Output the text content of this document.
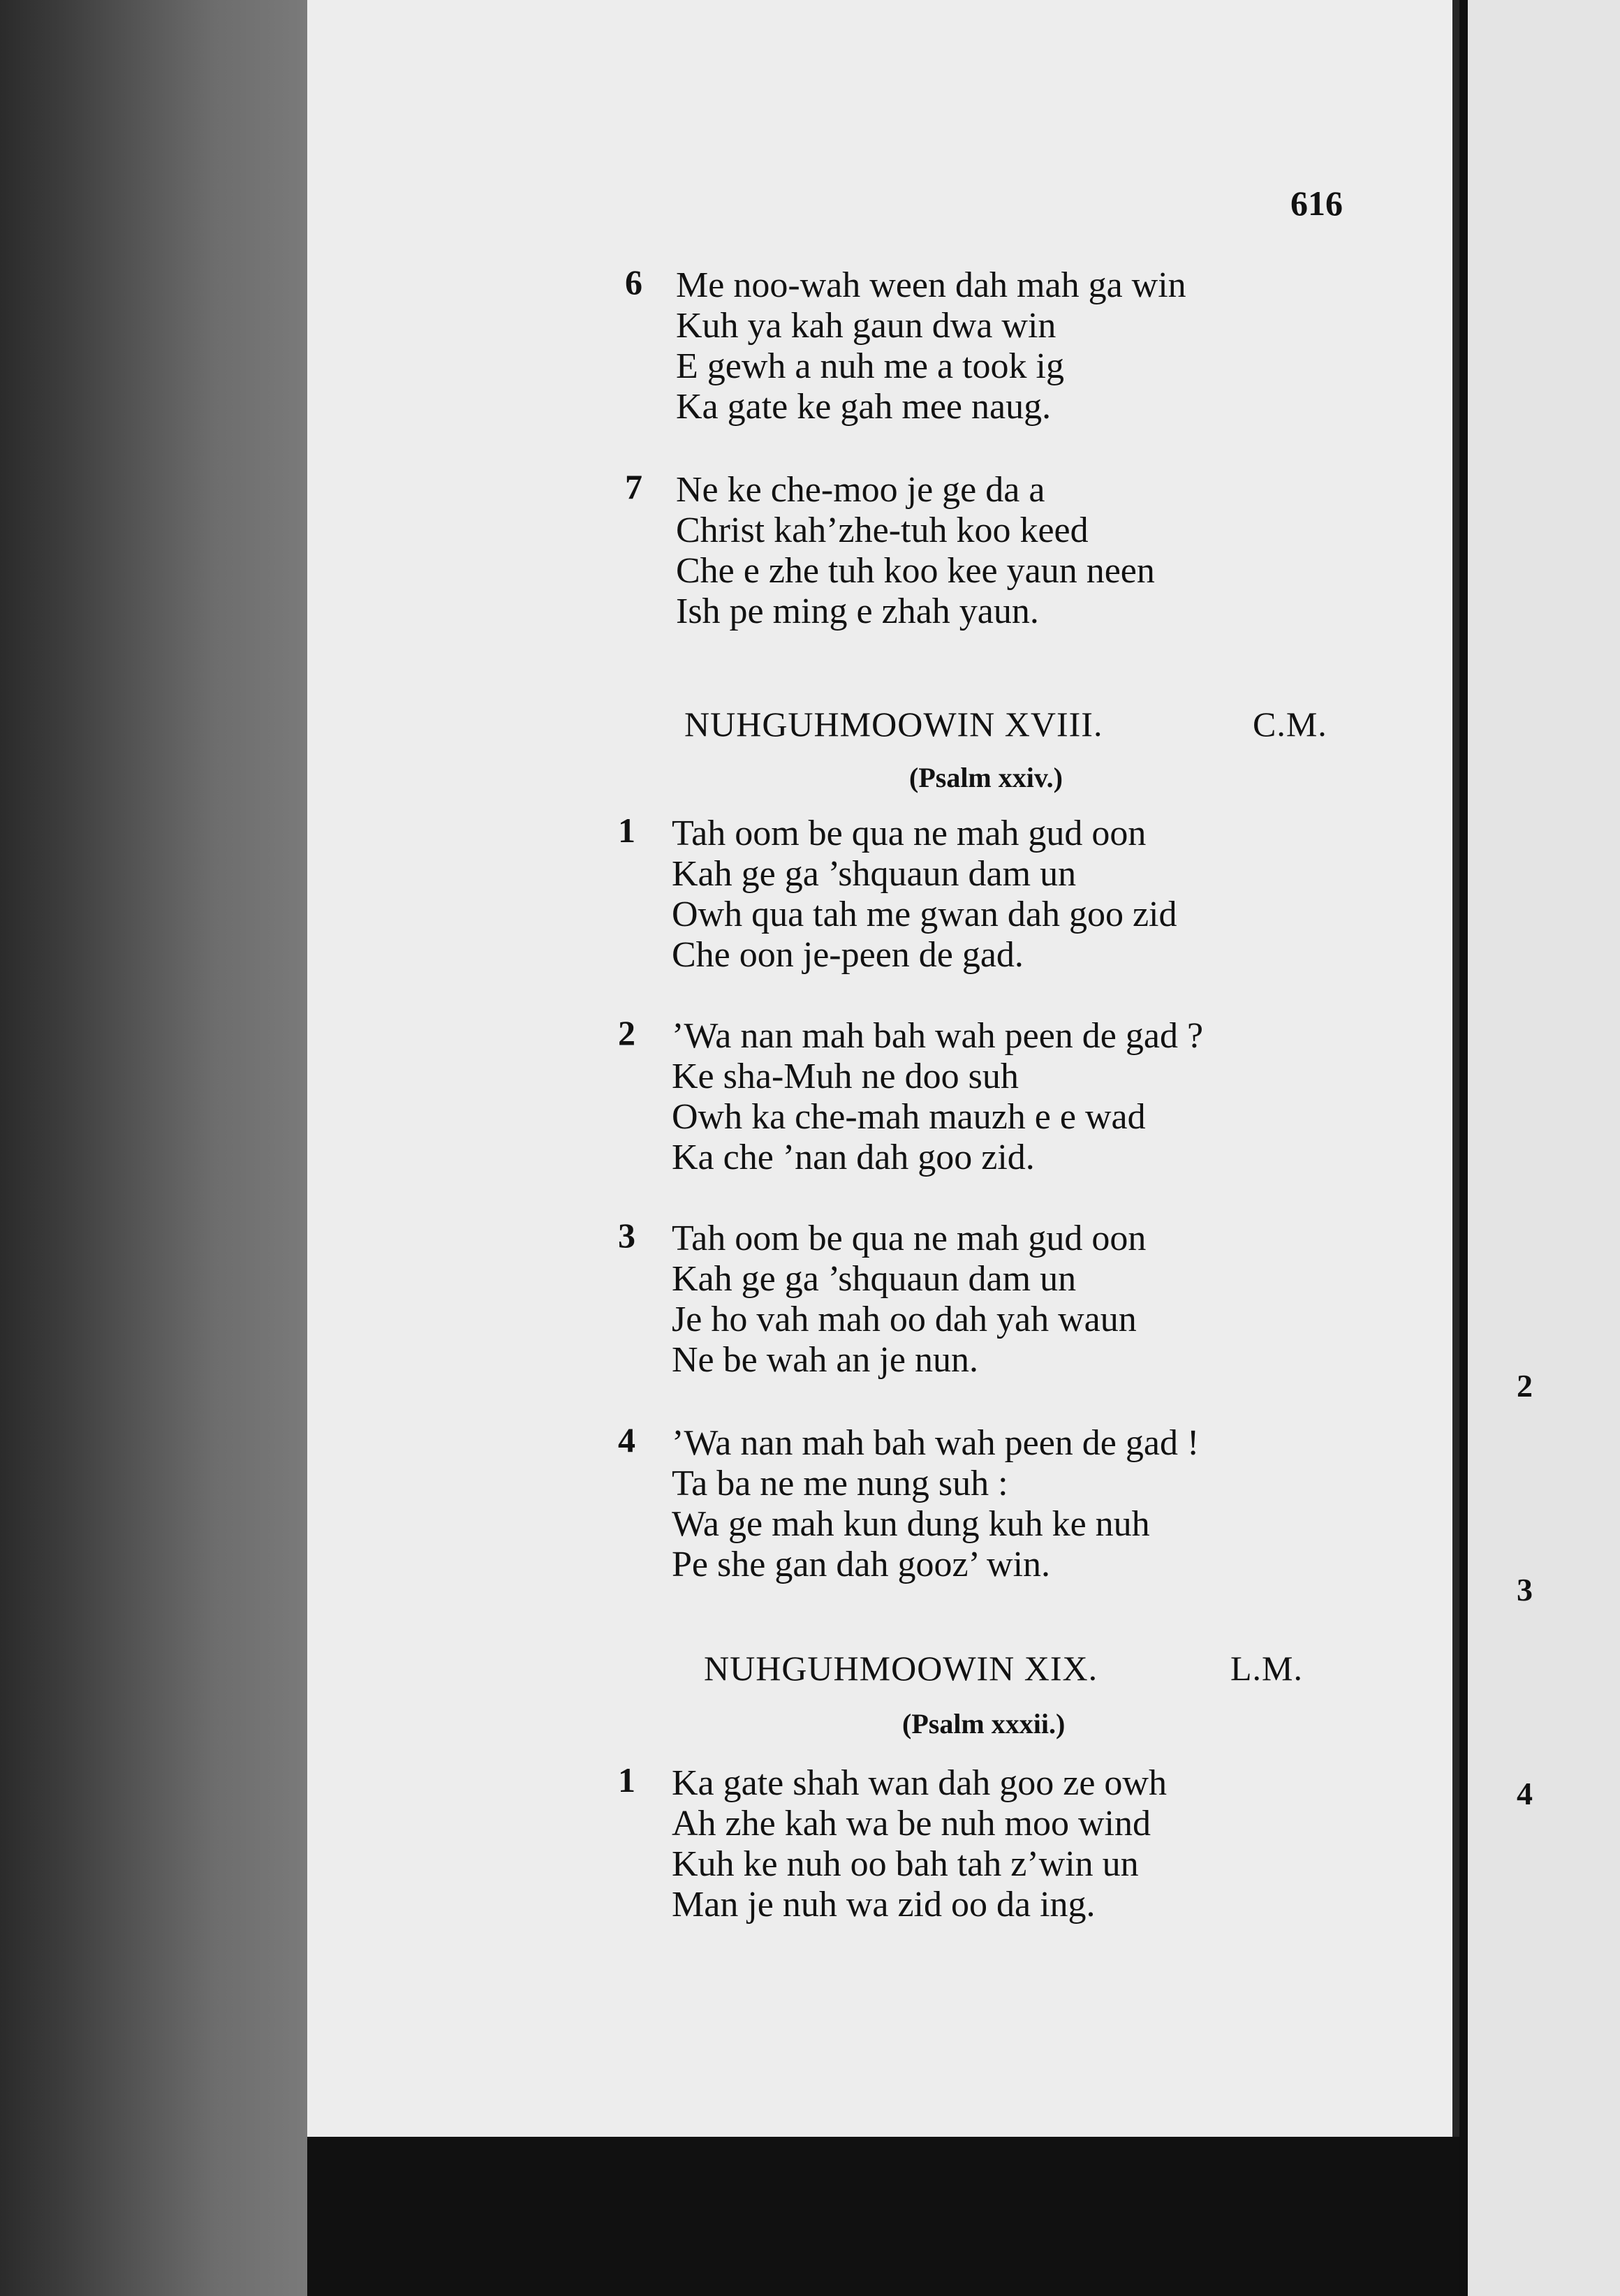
2
3
4
616
6 Me noo-wah ween dah mah ga win
Kuh ya kah gaun dwa win
E gewh a nuh me a took ig
Ka gate ke gah mee naug.
7 Ne ke che-moo je ge da a
Christ kah’zhe-tuh koo keed
Che e zhe tuh koo kee yaun neen
Ish pe ming e zhah yaun.
NUHGUHMOOWIN XVIII.	C.M.
(Psalm xxiv.)
1 Tah oom be qua ne mah gud oon
Kah ge ga ’shquaun dam un
Owh qua tah me gwan dah goo zid
Che oon je-peen de gad.
2 ’Wa nan mah bah wah peen de gad ?
Ke sha-Muh ne doo suh
Owh ka che-mah mauzh e e wad
Ka che ’nan dah goo zid.
3 Tah oom be qua ne mah gud oon
Kah ge ga ’shquaun dam un
Je ho vah mah oo dah yah waun
Ne be wah an je nun.
4 ’Wa nan mah bah wah peen de gad !
Ta ba ne me nung suh :
Wa ge mah kun dung kuh ke nuh
Pe she gan dah gooz’ win.
NUHGUHMOOWIN XIX.	L.M.
(Psalm xxxii.)
1 Ka gate shah wan dah goo ze owh
Ah zhe kah wa be nuh moo wind
Kuh ke nuh oo bah tah z’win un
Man je nuh wa zid oo da ing.
